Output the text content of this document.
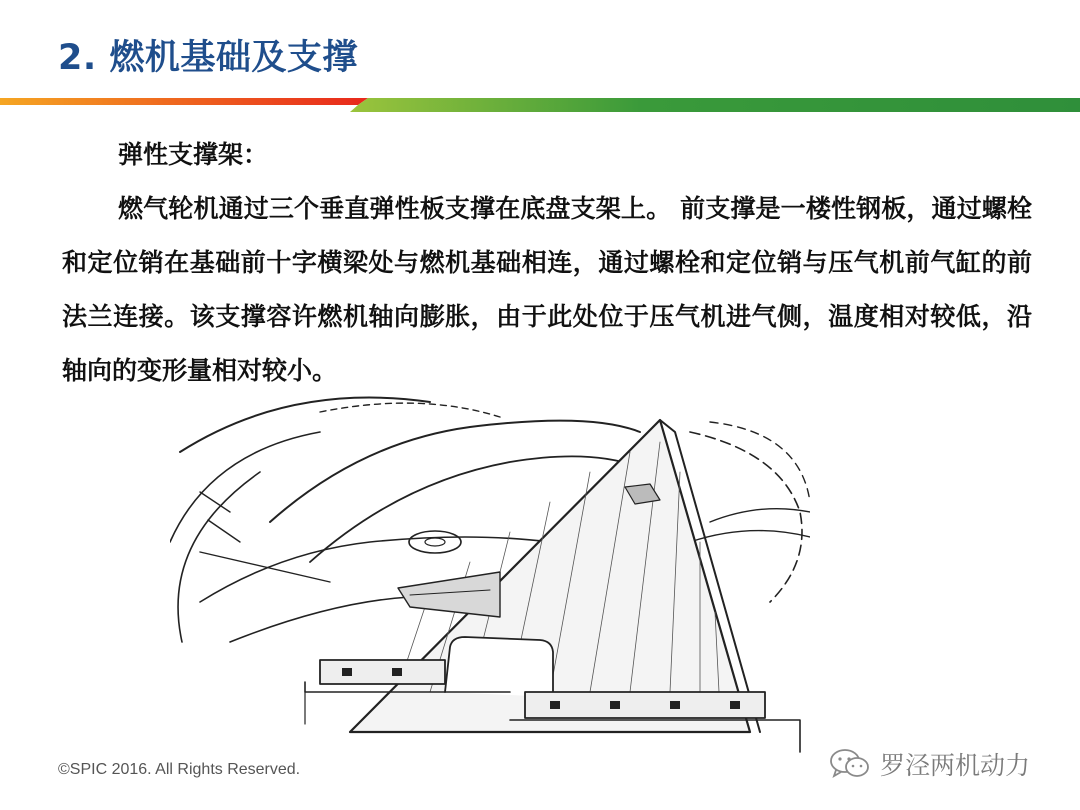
2. 燃机基础及支撑

弹性支撑架：

燃气轮机通过三个垂直弹性板支撑在底盘支架上。 前支撑是一楼性钢板，通过螺栓和定位销在基础前十字横梁处与燃机基础相连，通过螺栓和定位销与压气机前气缸的前法兰连接。该支撑容许燃机轴向膨胀，由于此处位于压气机进气侧，温度相对较低，沿轴向的变形量相对较小。

©SPIC 2016. All Rights Reserved.	罗泾两机动力
